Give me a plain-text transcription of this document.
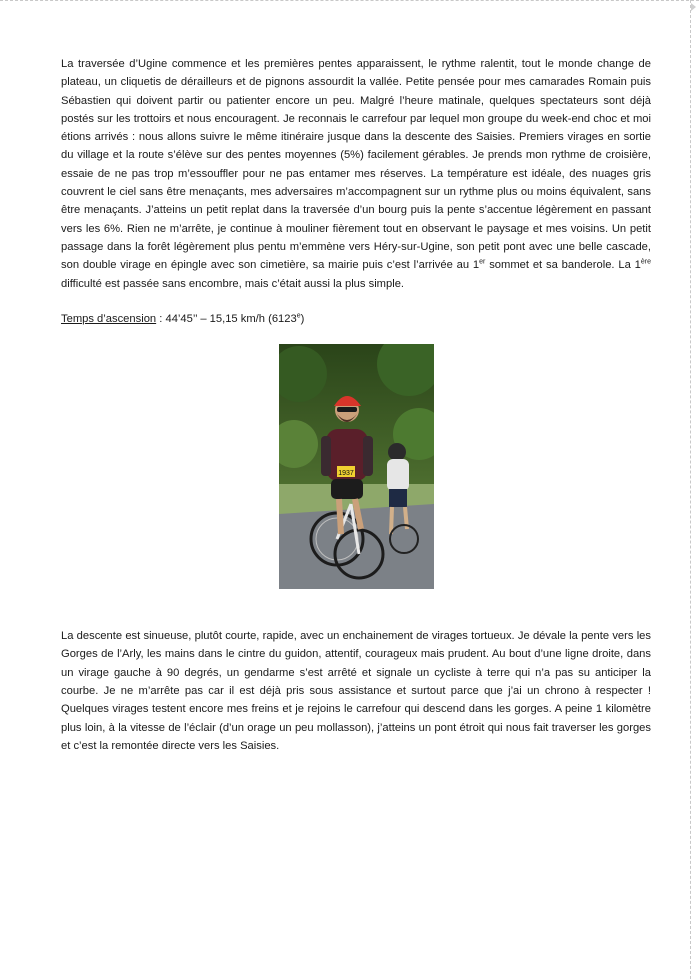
La traversée d’Ugine commence et les premières pentes apparaissent, le rythme ralentit, tout le monde change de plateau, un cliquetis de dérailleurs et de pignons assourdit la vallée. Petite pensée pour mes camarades Romain puis Sébastien qui doivent partir ou patienter encore un peu. Malgré l’heure matinale, quelques spectateurs sont déjà postés sur les trottoirs et nous encouragent. Je reconnais le carrefour par lequel mon groupe du week-end choc et moi étions arrivés : nous allons suivre le même itinéraire jusque dans la descente des Saisies. Premiers virages en sortie du village et la route s’élève sur des pentes moyennes (5%) facilement gérables. Je prends mon rythme de croisière, essaie de ne pas trop m’essouffler pour ne pas entamer mes réserves. La température est idéale, des nuages gris couvrent le ciel sans être menaçants, mes adversaires m’accompagnent sur un rythme plus ou moins équivalent, sans être menaçants. J’atteins un petit replat dans la traversée d’un bourg puis la pente s’accentue légèrement en passant vers les 6%. Rien ne m’arrête, je continue à mouliner fièrement tout en observant le paysage et mes voisins. Un petit passage dans la forêt légèrement plus pentu m’emmène vers Héry-sur-Ugine, son petit pont avec une belle cascade, son double virage en épingle avec son cimetière, sa mairie puis c’est l’arrivée au 1er sommet et sa banderole. La 1ère difficulté est passée sans encombre, mais c’était aussi la plus simple.

Temps d’ascension : 44’45’’ – 15,15 km/h (6123e)

1937

La descente est sinueuse, plutôt courte, rapide, avec un enchainement de virages tortueux. Je dévale la pente vers les Gorges de l’Arly, les mains dans le cintre du guidon, attentif, courageux mais prudent. Au bout d’une ligne droite, dans un virage gauche à 90 degrés, un gendarme s’est arrêté et signale un cycliste à terre qui n’a pas su anticiper la courbe. Je ne m’arrête pas car il est déjà pris sous assistance et surtout parce que j’ai un chrono à respecter ! Quelques virages testent encore mes freins et je rejoins le carrefour qui descend dans les gorges. A peine 1 kilomètre plus loin, à la vitesse de l’éclair (d’un orage un peu mollasson), j’atteins un pont étroit qui nous fait traverser les gorges et c’est la remontée directe vers les Saisies.
